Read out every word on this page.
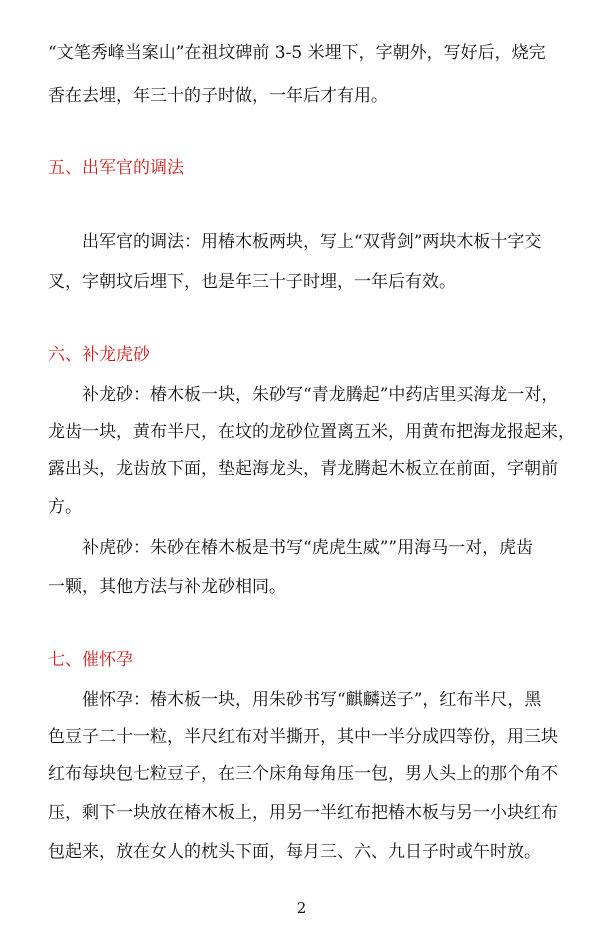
“文笔秀峰当案山”在祖坟碑前 3-5 米埋下，字朝外，写好后，烧完
香在去埋，年三十的子时做，一年后才有用。
五、出军官的调法
出军官的调法：用椿木板两块，写上“双背剑”两块木板十字交
叉，字朝坟后埋下，也是年三十子时埋，一年后有效。
六、补龙虎砂
补龙砂：椿木板一块，朱砂写“青龙腾起”中药店里买海龙一对，
龙齿一块，黄布半尺，在坟的龙砂位置离五米，用黄布把海龙报起来，
露出头，龙齿放下面，垫起海龙头，青龙腾起木板立在前面，字朝前
方。
补虎砂：朱砂在椿木板是书写“虎虎生威””用海马一对，虎齿
一颗，其他方法与补龙砂相同。
七、催怀孕
催怀孕：椿木板一块，用朱砂书写“麒麟送子”，红布半尺，黑
色豆子二十一粒，半尺红布对半撕开，其中一半分成四等份，用三块
红布每块包七粒豆子，在三个床角每角压一包，男人头上的那个角不
压，剩下一块放在椿木板上，用另一半红布把椿木板与另一小块红布
包起来，放在女人的枕头下面，每月三、六、九日子时或午时放。
2
